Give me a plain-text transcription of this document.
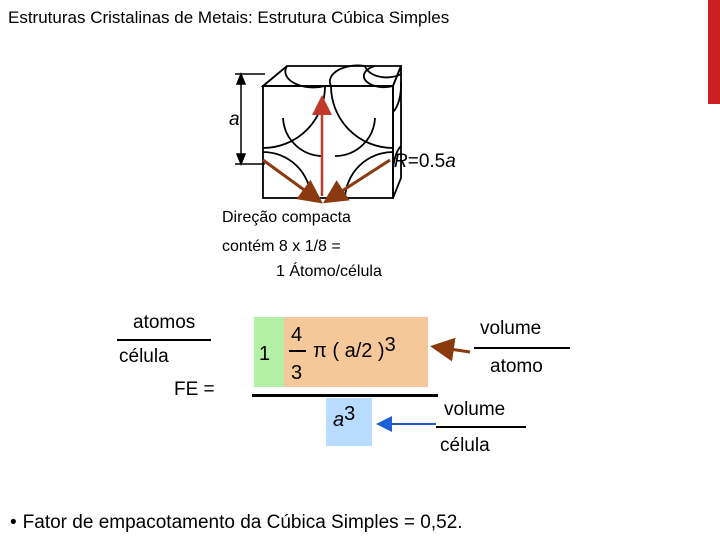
Estruturas Cristalinas de Metais: Estrutura Cúbica Simples
a
R=0.5a
Direção compacta
contém 8 x 1/8 =
1 Átomo/célula
atomos
célula
FE =
1
4
3
π ( a/2 )3
a3
volume
atomo
volume
célula
• Fator de empacotamento da Cúbica Simples = 0,52.
